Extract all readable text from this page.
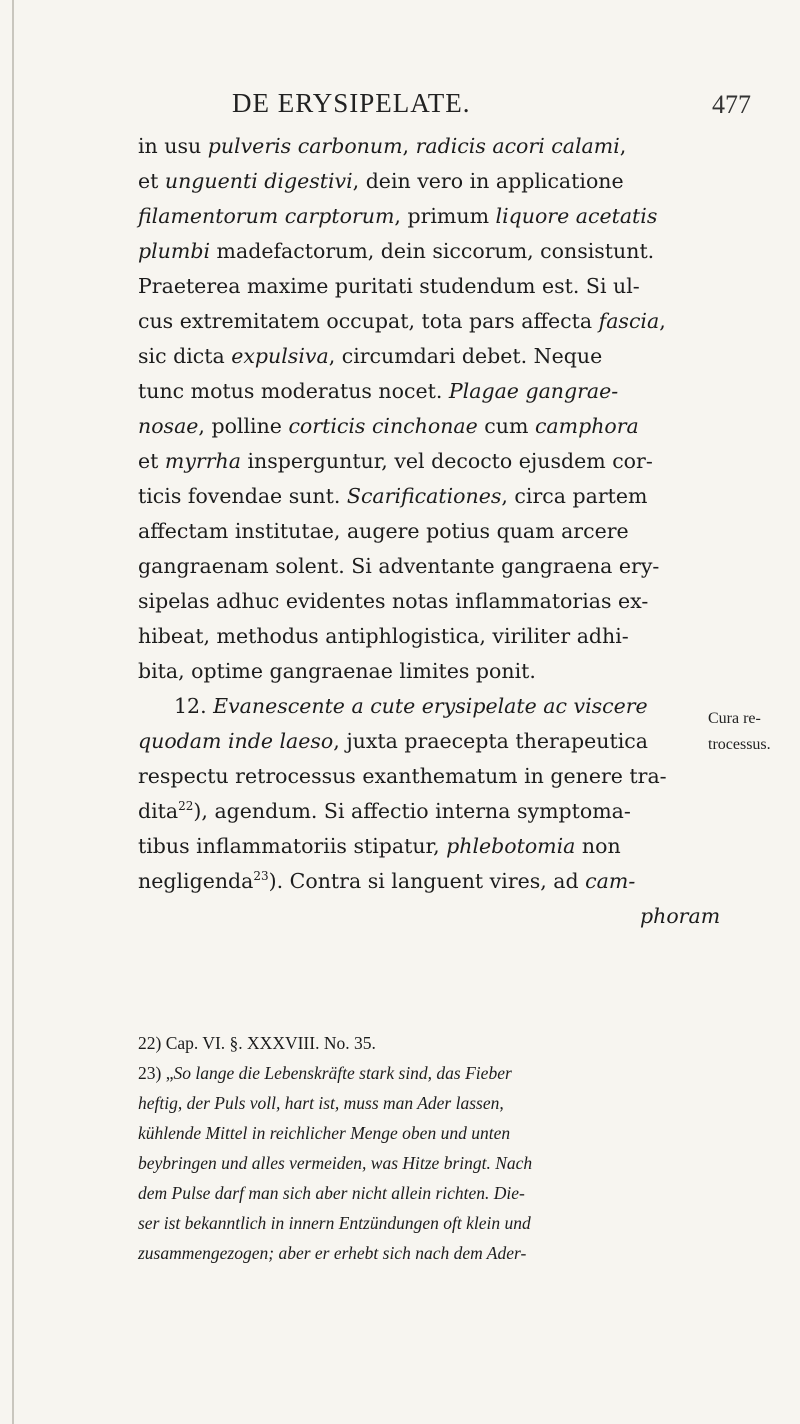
DE ERYSIPELATE.	477
in usu pulveris carbonum, radicis acori calami,
et unguenti digestivi, dein vero in applicatione
filamentorum carptorum, primum liquore acetatis
plumbi madefactorum, dein siccorum, consistunt.
Praeterea maxime puritati studendum est. Si ul-
cus extremitatem occupat, tota pars affecta fascia,
sic dicta expulsiva, circumdari debet. Neque
tunc motus moderatus nocet. Plagae gangrae-
nosae, polline corticis cinchonae cum camphora
et myrrha insperguntur, vel decocto ejusdem cor-
ticis fovendae sunt. Scarificationes, circa partem
affectam institutae, augere potius quam arcere
gangraenam solent. Si adventante gangraena ery-
sipelas adhuc evidentes notas inflammatorias ex-
hibeat, methodus antiphlogistica, viriliter adhi-
bita, optime gangraenae limites ponit.
12. Evanescente a cute erysipelate ac viscere
quodam inde laeso, juxta praecepta therapeutica
respectu retrocessus exanthematum in genere tra-
dita$^{22}$), agendum. Si affectio interna symptoma-
tibus inflammatoriis stipatur, phlebotomia non
negligenda$^{23}$). Contra si languent vires, ad cam-
phoram
Cura re-
trocessus.
22) Cap. VI. §. XXXVIII. No. 35.
23) „So lange die Lebenskräfte stark sind, das Fieber
heftig, der Puls voll, hart ist, muss man Ader lassen,
kühlende Mittel in reichlicher Menge oben und unten
beybringen und alles vermeiden, was Hitze bringt. Nach
dem Pulse darf man sich aber nicht allein richten. Die-
ser ist bekanntlich in innern Entzündungen oft klein und
zusammengezogen; aber er erhebt sich nach dem Ader-
